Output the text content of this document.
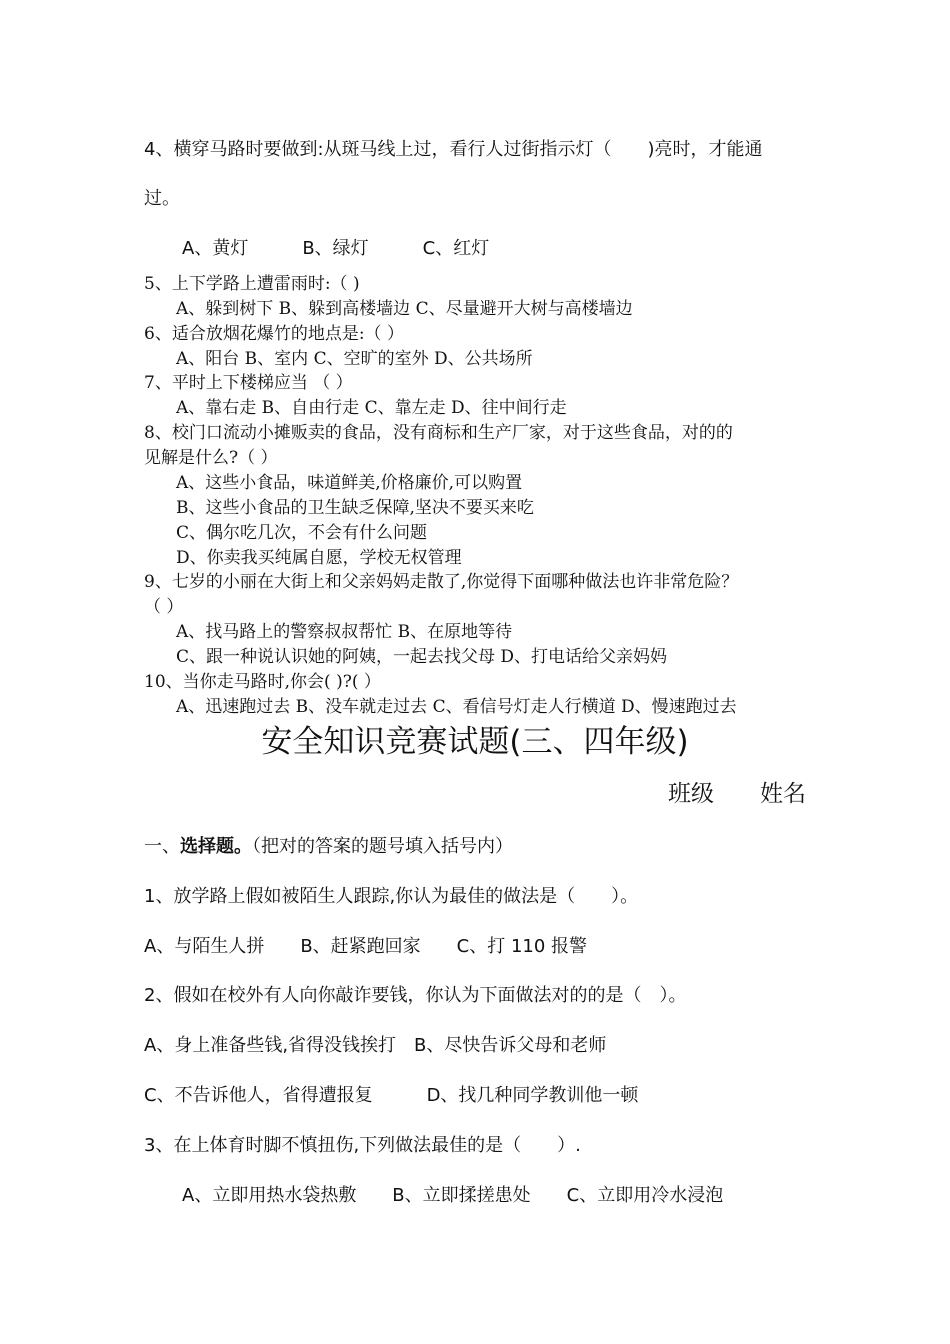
4、横穿马路时要做到:从斑马线上过，看行人过街指示灯（　　)亮时，才能通
过。
A、黄灯　　　B、绿灯　　　C、红灯
5、上下学路上遭雷雨时:（ )
A、躲到树下 B、躲到高楼墙边 C、尽量避开大树与高楼墙边
6、适合放烟花爆竹的地点是:（ ）
A、阳台 B、室内 C、空旷的室外 D、公共场所
7、平时上下楼梯应当 （ ）
A、靠右走 B、自由行走 C、靠左走 D、往中间行走
8、校门口流动小摊贩卖的食品，没有商标和生产厂家，对于这些食品，对的的
见解是什么?（ ）
A、这些小食品，味道鲜美,价格廉价,可以购置
B、这些小食品的卫生缺乏保障,坚决不要买来吃
C、偶尔吃几次，不会有什么问题
D、你卖我买纯属自愿，学校无权管理
9、七岁的小丽在大街上和父亲妈妈走散了,你觉得下面哪种做法也许非常危险？
（ ）
A、找马路上的警察叔叔帮忙 B、在原地等待
C、跟一种说认识她的阿姨，一起去找父母 D、打电话给父亲妈妈
10、当你走马路时,你会( )?( ）
A、迅速跑过去 B、没车就走过去 C、看信号灯走人行横道 D、慢速跑过去
安全知识竞赛试题(三、四年级)
班级　　姓名
一、选择题。（把对的答案的题号填入括号内）
1、放学路上假如被陌生人跟踪,你认为最佳的做法是（　　）。
A、与陌生人拼　　B、赶紧跑回家　　C、打 110 报警
2、假如在校外有人向你敲诈要钱，你认为下面做法对的的是（　）。
A、身上准备些钱,省得没钱挨打　B、尽快告诉父母和老师
C、不告诉他人，省得遭报复　　　D、找几种同学教训他一顿
3、在上体育时脚不慎扭伤,下列做法最佳的是（　　）.
A、立即用热水袋热敷　　B、立即揉搓患处　　C、立即用冷水浸泡
